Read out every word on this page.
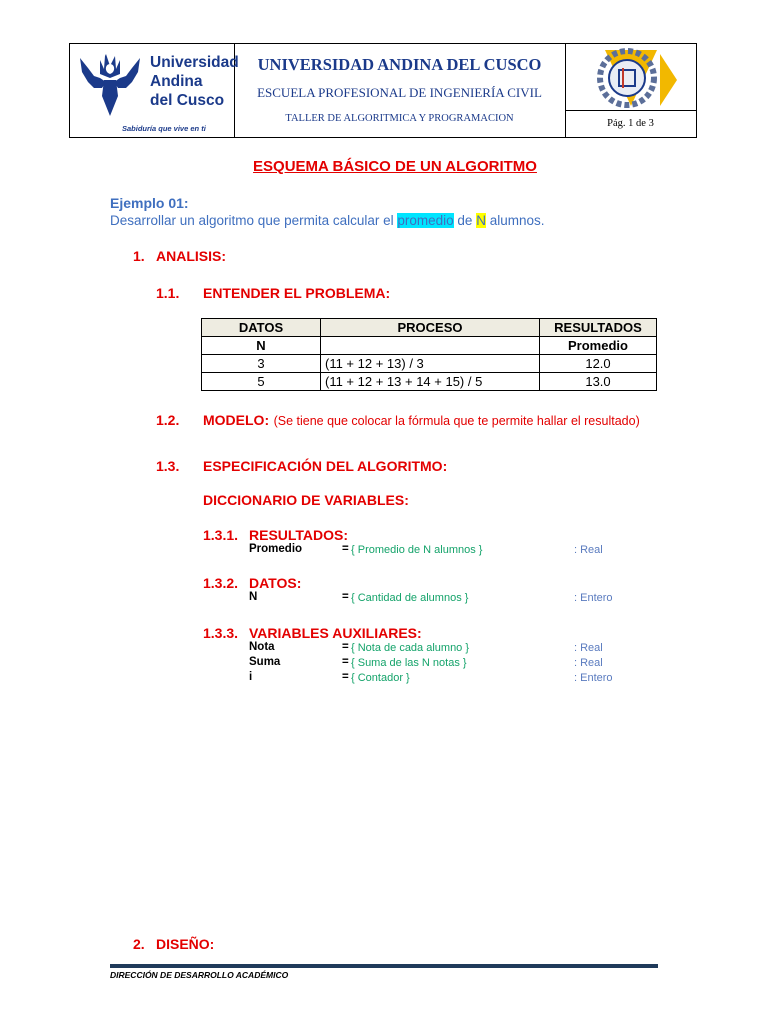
Universidad
Andina
del Cusco
Sabiduría que vive en ti
UNIVERSIDAD ANDINA DEL CUSCO
ESCUELA PROFESIONAL DE INGENIERÍA CIVIL
TALLER DE ALGORITMICA Y PROGRAMACION	Pág. 1 de 3
ESQUEMA BÁSICO DE UN ALGORITMO
Ejemplo 01:
Desarrollar un algoritmo que permita calcular el promedio de N alumnos.
1. ANALISIS:
1.1. ENTENDER EL PROBLEMA:
DATOS	PROCESO	RESULTADOS
N		Promedio
3	(11 + 12 + 13) / 3	12.0
5	(11 + 12 + 13 + 14 + 15) / 5	13.0
1.2. MODELO: (Se tiene que colocar la fórmula que te permite hallar el resultado)
1.3. ESPECIFICACIÓN DEL ALGORITMO:
DICCIONARIO DE VARIABLES:
1.3.1. RESULTADOS:
Promedio	= { Promedio de N alumnos }	: Real
1.3.2. DATOS:
N	= { Cantidad de alumnos }	: Entero
1.3.3. VARIABLES AUXILIARES:
Nota	= { Nota de cada alumno }	: Real
Suma	= { Suma de las N notas }	: Real
i	= { Contador }	: Entero
2. DISEÑO:
DIRECCIÓN DE DESARROLLO ACADÉMICO
